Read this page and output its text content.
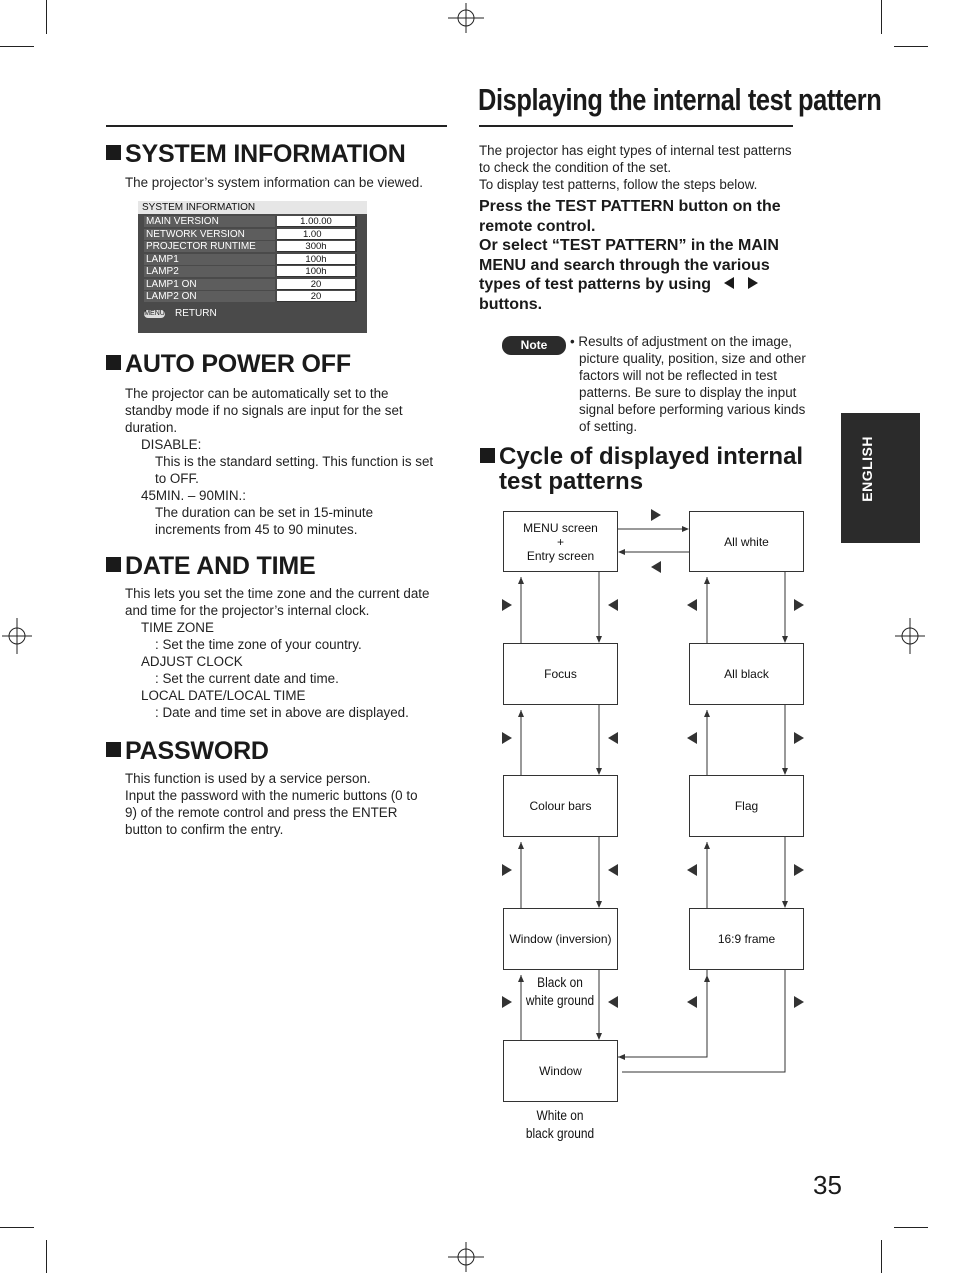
SYSTEM INFORMATION
The projector’s system information can be viewed.
SYSTEM INFORMATION
MAIN VERSION	1.00.00
NETWORK VERSION	1.00
PROJECTOR RUNTIME	300h
LAMP1	100h
LAMP2	100h
LAMP1 ON	20
LAMP2 ON	20
MENU RETURN
AUTO POWER OFF
The projector can be automatically set to the
standby mode if no signals are input for the set
duration.
DISABLE:
This is the standard setting. This function is set
to OFF.
45MIN. – 90MIN.:
The duration can be set in 15-minute
increments from 45 to 90 minutes.
DATE AND TIME
This lets you set the time zone and the current date
and time for the projector’s internal clock.
TIME ZONE
: Set the time zone of your country.
ADJUST CLOCK
: Set the current date and time.
LOCAL DATE/LOCAL TIME
: Date and time set in above are displayed.
PASSWORD
This function is used by a service person.
Input the password with the numeric buttons (0 to
9) of the remote control and press the ENTER
button to confirm the entry.
Displaying the internal test pattern
The projector has eight types of internal test patterns
to check the condition of the set.
To display test patterns, follow the steps below.
Press the TEST PATTERN button on the
remote control.
Or select “TEST PATTERN” in the MAIN
MENU and search through the various
types of test patterns by using
buttons.
Note	• Results of adjustment on the image,
picture quality, position, size and other
factors will not be reflected in test
patterns. Be sure to display the input
signal before performing various kinds
of setting.
Cycle of displayed internal
test patterns	ENGLISH
MENU screen
+
Entry screen
All white
Focus	All black
Colour bars	Flag
Window (inversion)	16:9 frame
Window
Black on
white ground
White on
black ground
35
